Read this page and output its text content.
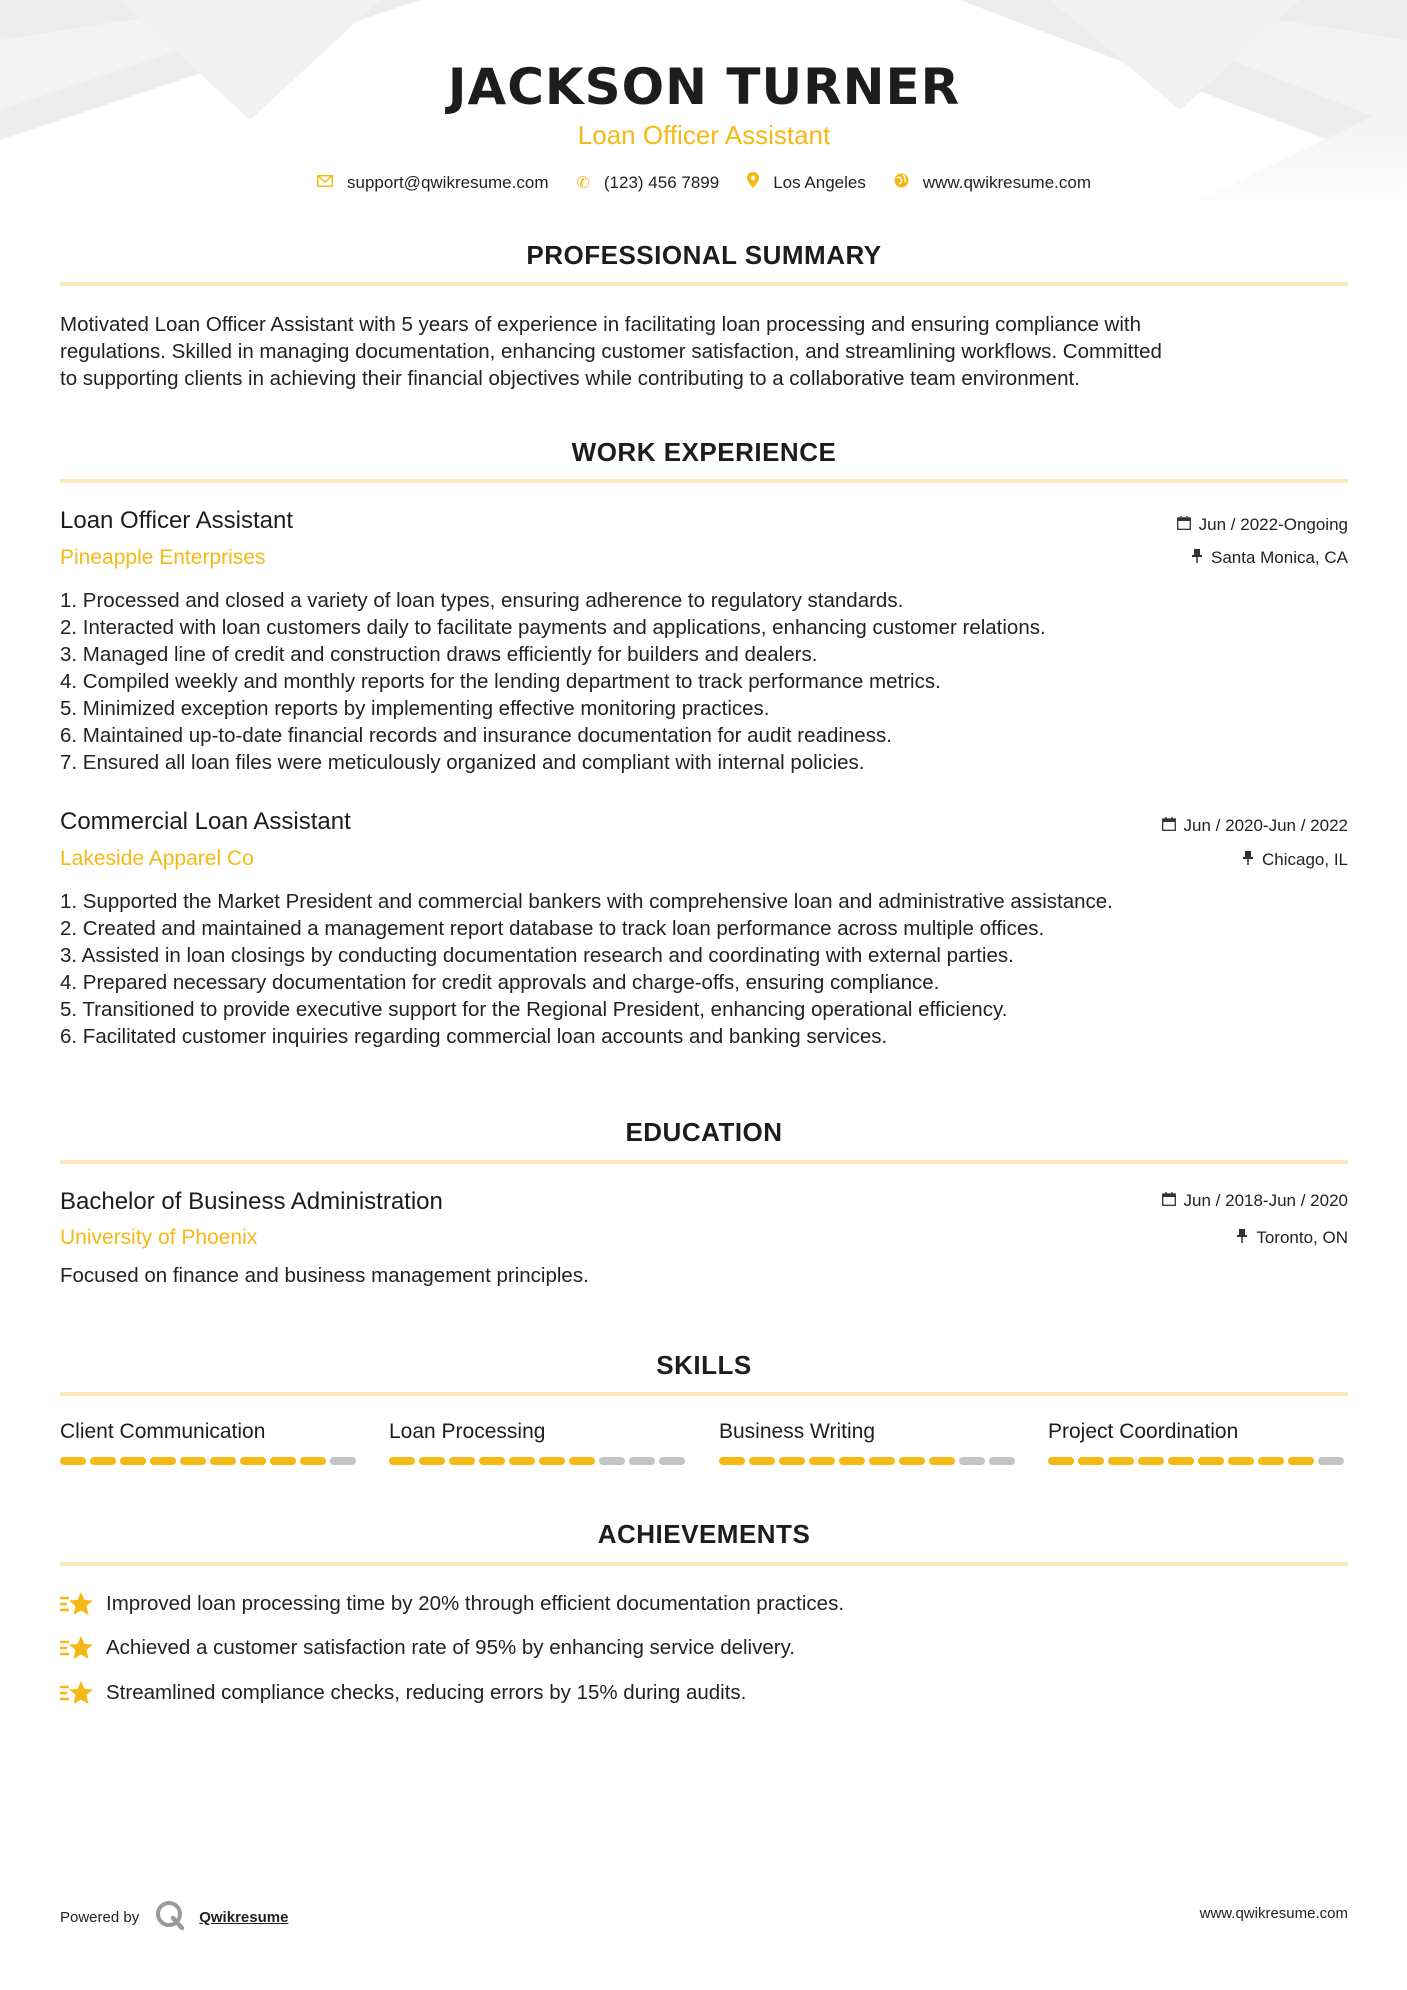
JACKSON TURNER
Loan Officer Assistant
support@qwikresume.com ✆ (123) 456 7899	Los Angeles	www.qwikresume.com
PROFESSIONAL SUMMARY
Motivated Loan Officer Assistant with 5 years of experience in facilitating loan processing and ensuring compliance with
regulations. Skilled in managing documentation, enhancing customer satisfaction, and streamlining workflows. Committed
to supporting clients in achieving their financial objectives while contributing to a collaborative team environment.
WORK EXPERIENCE
Loan Officer Assistant	Jun / 2022-Ongoing
Pineapple Enterprises	Santa Monica, CA
1. Processed and closed a variety of loan types, ensuring adherence to regulatory standards.
2. Interacted with loan customers daily to facilitate payments and applications, enhancing customer relations.
3. Managed line of credit and construction draws efficiently for builders and dealers.
4. Compiled weekly and monthly reports for the lending department to track performance metrics.
5. Minimized exception reports by implementing effective monitoring practices.
6. Maintained up-to-date financial records and insurance documentation for audit readiness.
7. Ensured all loan files were meticulously organized and compliant with internal policies.
Commercial Loan Assistant	Jun / 2020-Jun / 2022
Lakeside Apparel Co	Chicago, IL
1. Supported the Market President and commercial bankers with comprehensive loan and administrative assistance.
2. Created and maintained a management report database to track loan performance across multiple offices.
3. Assisted in loan closings by conducting documentation research and coordinating with external parties.
4. Prepared necessary documentation for credit approvals and charge-offs, ensuring compliance.
5. Transitioned to provide executive support for the Regional President, enhancing operational efficiency.
6. Facilitated customer inquiries regarding commercial loan accounts and banking services.
EDUCATION
Bachelor of Business Administration	Jun / 2018-Jun / 2020
University of Phoenix	Toronto, ON
Focused on finance and business management principles.
SKILLS
Client Communication	Loan Processing	Business Writing	Project Coordination
ACHIEVEMENTS
Improved loan processing time by 20% through efficient documentation practices.
Achieved a customer satisfaction rate of 95% by enhancing service delivery.
Streamlined compliance checks, reducing errors by 15% during audits.
Powered by	Qwikresume	www.qwikresume.com
